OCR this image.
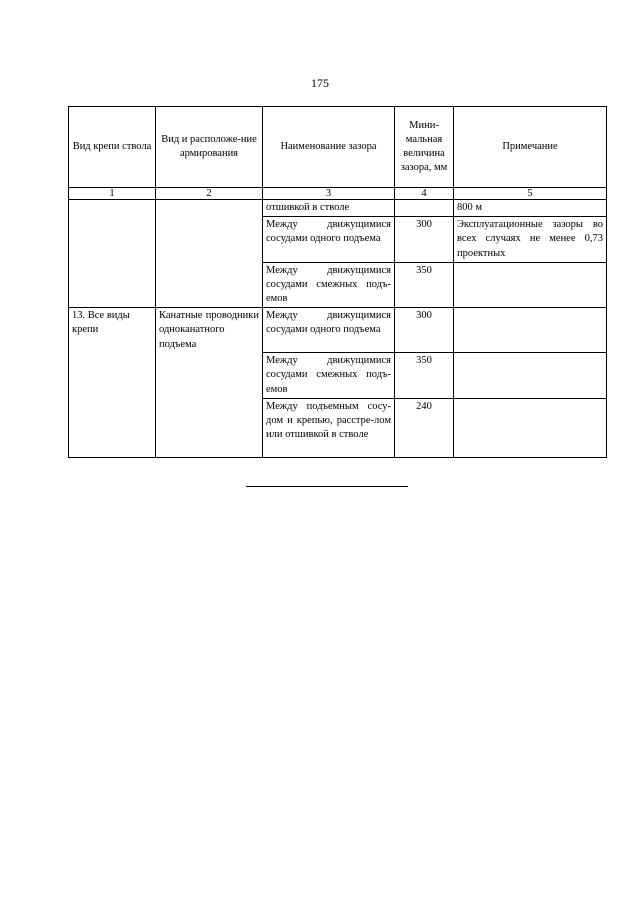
175
Вид крепи ствола	Вид и расположе-ние армирования	Наименование зазора	Мини-мальная величина зазора, мм	Примечание
1	2	3	4	5
		отшивкой в стволе		800 м
		Между движущимися сосудами одного подъема	300	Эксплуатационные зазоры во всех случаях не менее 0,73 проектных
		Между движущимися сосудами смежных подъ-емов	350	
13. Все виды крепи	Канатные проводники одноканатного подъема	Между движущимися сосудами одного подъема	300	
		Между движущимися сосудами смежных подъ-емов	350	
		Между подъемным сосу-дом и крепью, расстре-лом или отшивкой в стволе	240	
